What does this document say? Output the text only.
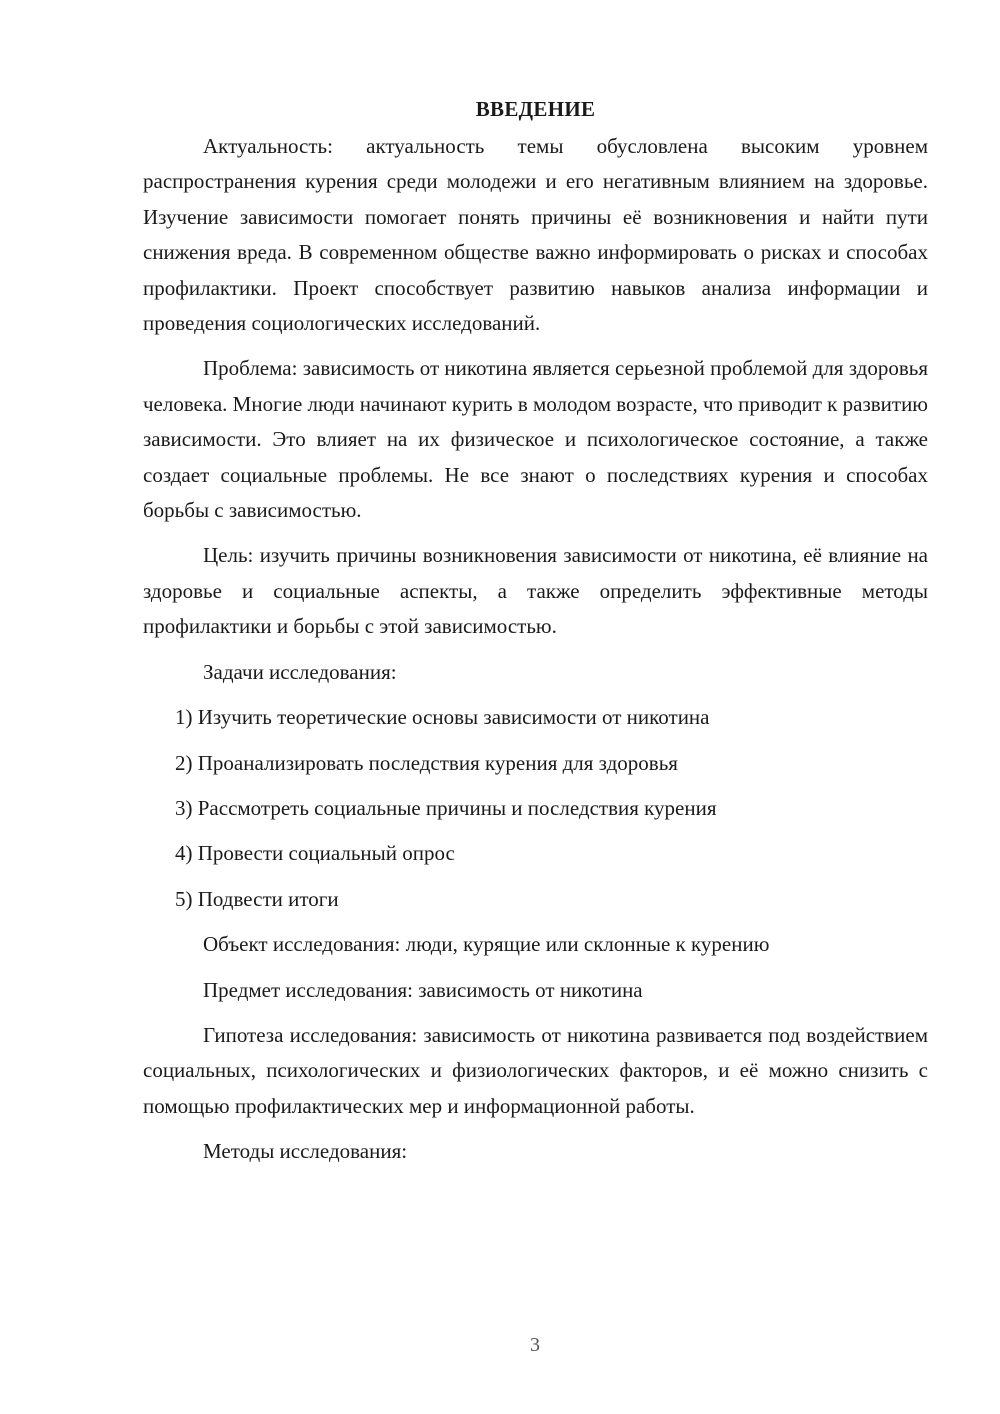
ВВЕДЕНИЕ

Актуальность: актуальность темы обусловлена высоким уровнем распространения курения среди молодежи и его негативным влиянием на здоровье. Изучение зависимости помогает понять причины её возникновения и найти пути снижения вреда. В современном обществе важно информировать о рисках и способах профилактики. Проект способствует развитию навыков анализа информации и проведения социологических исследований.

Проблема: зависимость от никотина является серьезной проблемой для здоровья человека. Многие люди начинают курить в молодом возрасте, что приводит к развитию зависимости. Это влияет на их физическое и психологическое состояние, а также создает социальные проблемы. Не все знают о последствиях курения и способах борьбы с зависимостью.

Цель: изучить причины возникновения зависимости от никотина, её влияние на здоровье и социальные аспекты, а также определить эффективные методы профилактики и борьбы с этой зависимостью.

Задачи исследования:

1) Изучить теоретические основы зависимости от никотина

2) Проанализировать последствия курения для здоровья

3) Рассмотреть социальные причины и последствия курения

4) Провести социальный опрос

5) Подвести итоги

Объект исследования: люди, курящие или склонные к курению

Предмет исследования: зависимость от никотина

Гипотеза исследования: зависимость от никотина развивается под воздействием социальных, психологических и физиологических факторов, и её можно снизить с помощью профилактических мер и информационной работы.

Методы исследования:

3
